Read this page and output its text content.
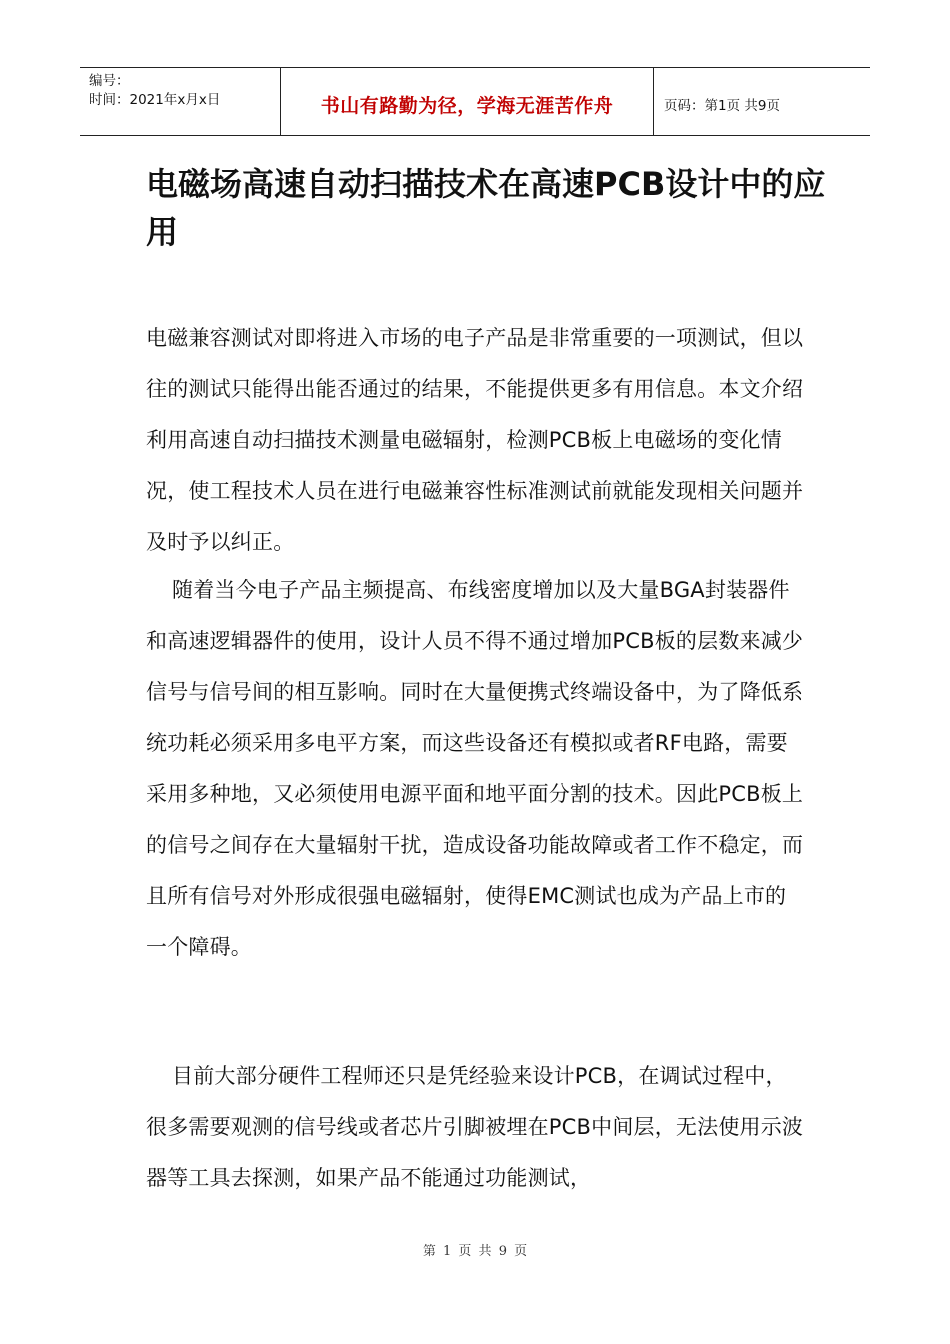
编号：
时间：2021年x月x日	书山有路勤为径，学海无涯苦作舟	页码：第1页 共9页
电磁场高速自动扫描技术在高速PCB设计中的应用

电磁兼容测试对即将进入市场的电子产品是非常重要的一项测试，但以往的测试只能得出能否通过的结果，不能提供更多有用信息。本文介绍利用高速自动扫描技术测量电磁辐射，检测PCB板上电磁场的变化情况，使工程技术人员在进行电磁兼容性标准测试前就能发现相关问题并及时予以纠正。

随着当今电子产品主频提高、布线密度增加以及大量BGA封装器件和高速逻辑器件的使用，设计人员不得不通过增加PCB板的层数来减少信号与信号间的相互影响。同时在大量便携式终端设备中，为了降低系统功耗必须采用多电平方案，而这些设备还有模拟或者RF电路，需要采用多种地，又必须使用电源平面和地平面分割的技术。因此PCB板上的信号之间存在大量辐射干扰，造成设备功能故障或者工作不稳定，而且所有信号对外形成很强电磁辐射，使得EMC测试也成为产品上市的一个障碍。

目前大部分硬件工程师还只是凭经验来设计PCB，在调试过程中，很多需要观测的信号线或者芯片引脚被埋在PCB中间层，无法使用示波器等工具去探测，如果产品不能通过功能测试，

第 1 页 共 9 页
